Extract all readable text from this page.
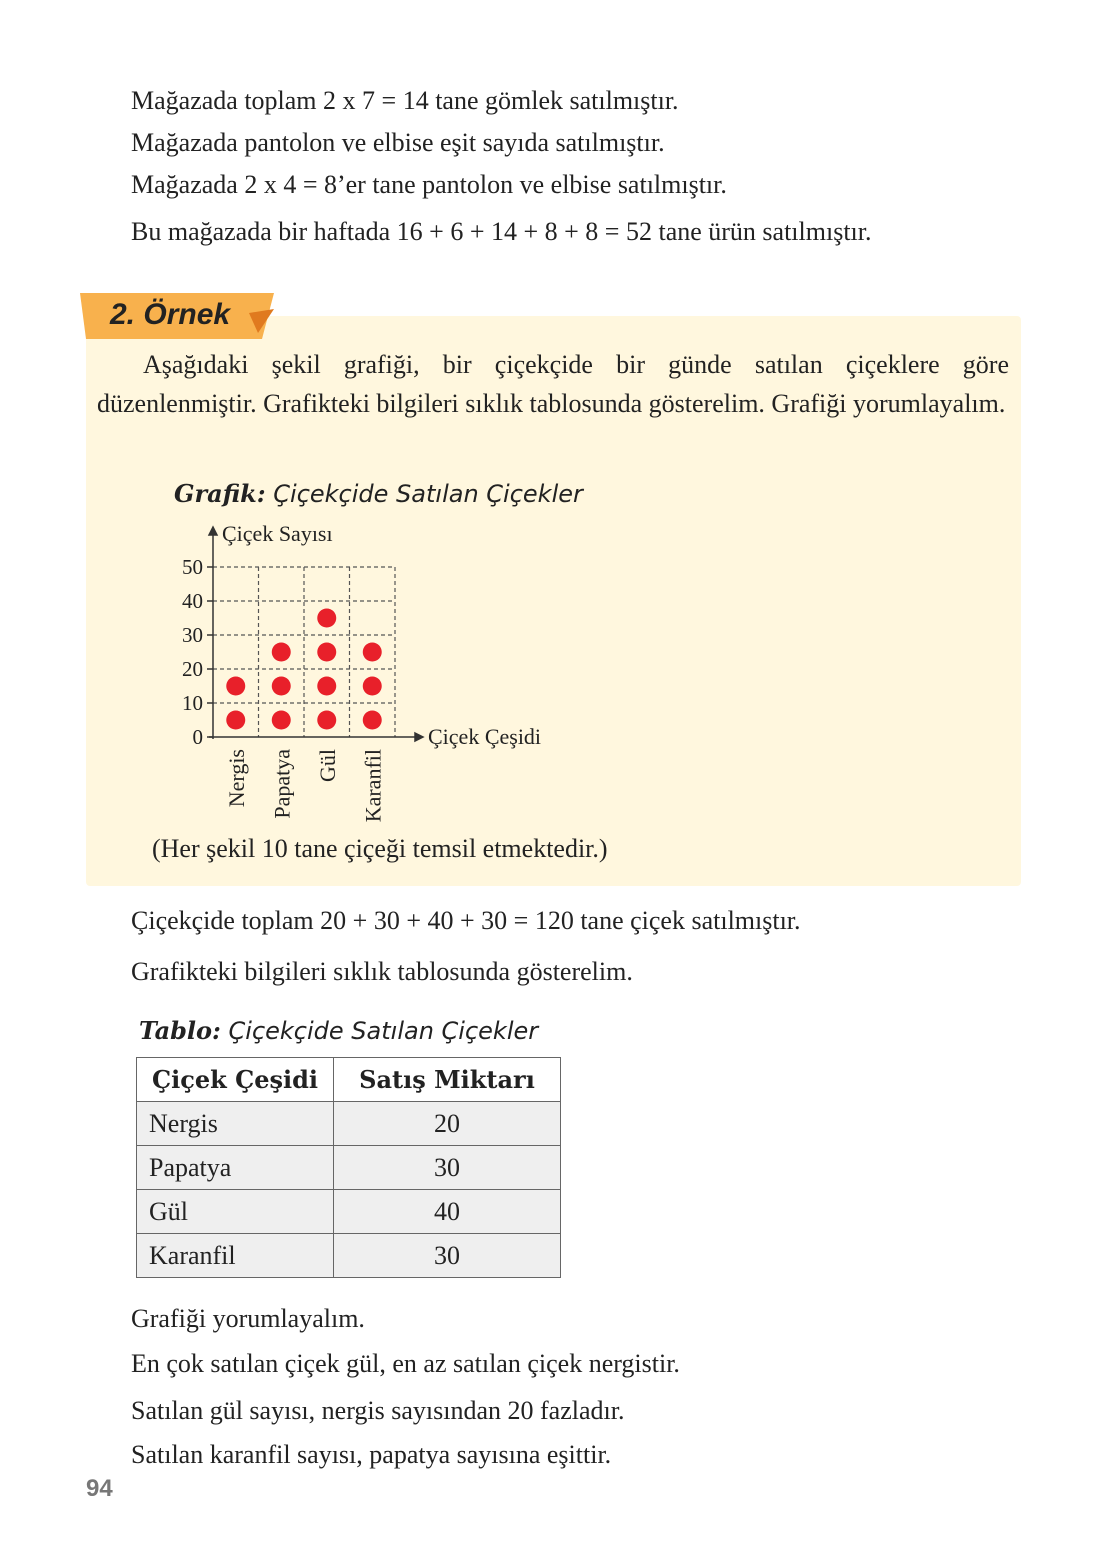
Mağazada toplam 2 x 7 = 14 tane gömlek satılmıştır.
Mağazada pantolon ve elbise eşit sayıda satılmıştır.
Mağazada 2 x 4 = 8’er tane pantolon ve elbise satılmıştır.
Bu mağazada bir haftada 16 + 6 + 14 + 8 + 8 = 52 tane ürün satılmıştır.
2. Örnek
Aşağıdaki şekil grafiği, bir çiçekçide bir günde satılan çiçeklere göre düzenlenmiştir. Grafikteki bilgileri sıklık tablosunda gösterelim. Grafiği yorumlayalım.
Grafik: Çiçekçide Satılan Çiçekler
0
10
20
30
40
50
Çiçek Sayısı
Çiçek Çeşidi
Nergis Papatya Gül Karanfil
(Her şekil 10 tane çiçeği temsil etmektedir.)
Çiçekçide toplam 20 + 30 + 40 + 30 = 120 tane çiçek satılmıştır.
Grafikteki bilgileri sıklık tablosunda gösterelim.
Tablo: Çiçekçide Satılan Çiçekler
Çiçek Çeşidi	Satış Miktarı
Nergis	20
Papatya	30
Gül	40
Karanfil	30
Grafiği yorumlayalım.
En çok satılan çiçek gül, en az satılan çiçek nergistir.
Satılan gül sayısı, nergis sayısından 20 fazladır.
Satılan karanfil sayısı, papatya sayısına eşittir.
94
